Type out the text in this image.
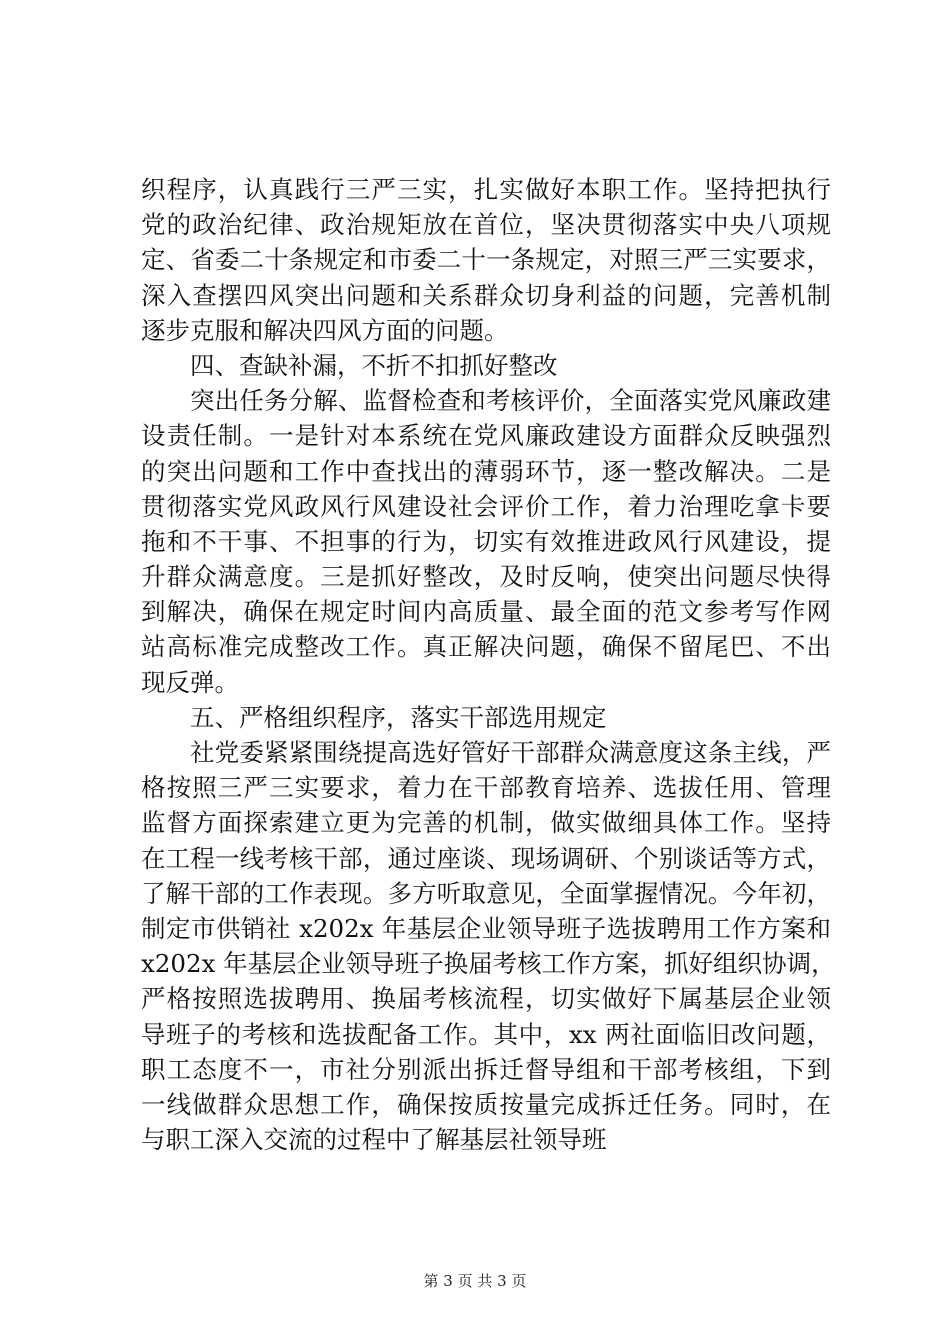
织程序，认真践行三严三实，扎实做好本职工作。坚持把执行
党的政治纪律、政治规矩放在首位，坚决贯彻落实中央八项规
定、省委二十条规定和市委二十一条规定，对照三严三实要求，
深入查摆四风突出问题和关系群众切身利益的问题，完善机制
逐步克服和解决四风方面的问题。
四、查缺补漏，不折不扣抓好整改
突出任务分解、监督检查和考核评价，全面落实党风廉政建
设责任制。一是针对本系统在党风廉政建设方面群众反映强烈
的突出问题和工作中查找出的薄弱环节，逐一整改解决。二是
贯彻落实党风政风行风建设社会评价工作，着力治理吃拿卡要
拖和不干事、不担事的行为，切实有效推进政风行风建设，提
升群众满意度。三是抓好整改，及时反响，使突出问题尽快得
到解决，确保在规定时间内高质量、最全面的范文参考写作网
站高标准完成整改工作。真正解决问题，确保不留尾巴、不出
现反弹。
五、严格组织程序，落实干部选用规定
社党委紧紧围绕提高选好管好干部群众满意度这条主线，严
格按照三严三实要求，着力在干部教育培养、选拔任用、管理
监督方面探索建立更为完善的机制，做实做细具体工作。坚持
在工程一线考核干部，通过座谈、现场调研、个别谈话等方式，
了解干部的工作表现。多方听取意见，全面掌握情况。今年初，
制定市供销社 x202x 年基层企业领导班子选拔聘用工作方案和
x202x 年基层企业领导班子换届考核工作方案，抓好组织协调，
严格按照选拔聘用、换届考核流程，切实做好下属基层企业领
导班子的考核和选拔配备工作。其中，xx 两社面临旧改问题，
职工态度不一，市社分别派出拆迁督导组和干部考核组，下到
一线做群众思想工作，确保按质按量完成拆迁任务。同时，在
与职工深入交流的过程中了解基层社领导班
第 3 页 共 3 页
